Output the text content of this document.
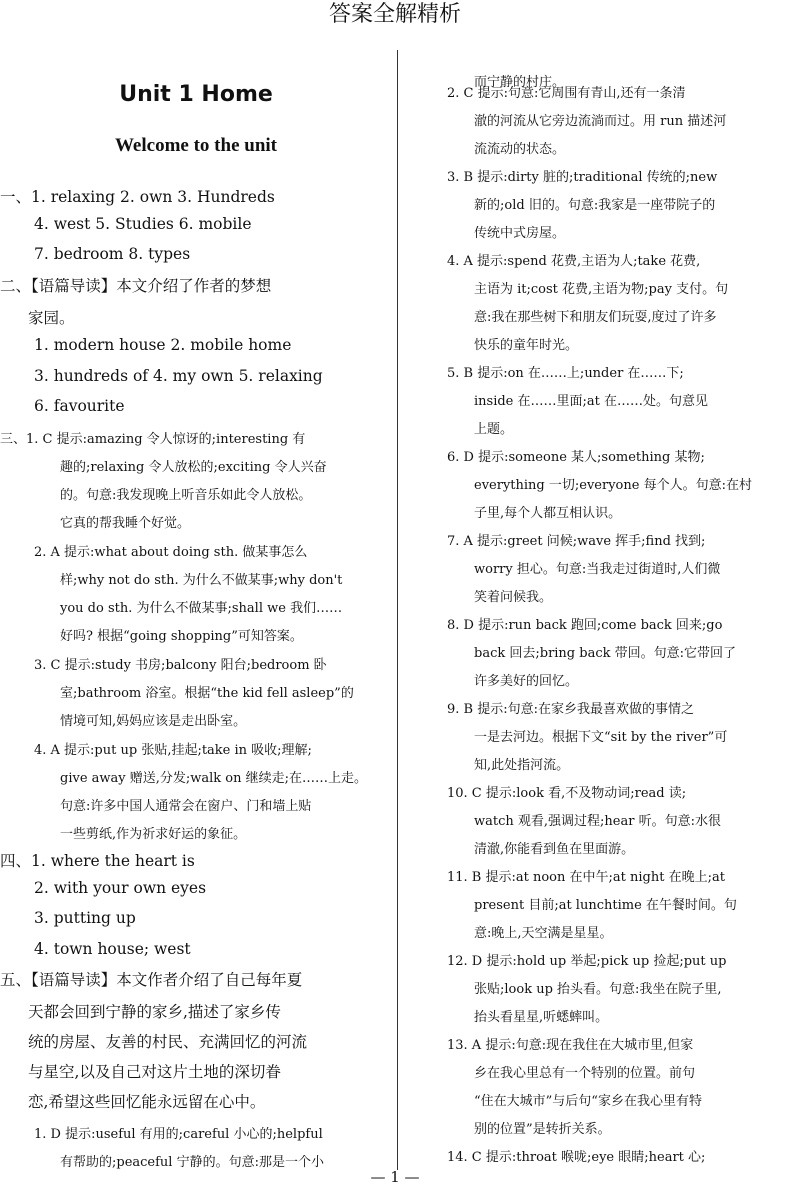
答案全解精析
Unit 1 Home
Welcome to the unit
一、1. relaxing 2. own 3. Hundreds
4. west 5. Studies 6. mobile
7. bedroom 8. types
二、【语篇导读】本文介绍了作者的梦想
家园。
1. modern house 2. mobile home
3. hundreds of 4. my own 5. relaxing
6. favourite
三、1. C 提示:amazing 令人惊讶的;interesting 有
趣的;relaxing 令人放松的;exciting 令人兴奋
的。句意:我发现晚上听音乐如此令人放松。
它真的帮我睡个好觉。
2. A 提示:what about doing sth. 做某事怎么
样;why not do sth. 为什么不做某事;why don't
you do sth. 为什么不做某事;shall we 我们……
好吗? 根据“going shopping”可知答案。
3. C 提示:study 书房;balcony 阳台;bedroom 卧
室;bathroom 浴室。根据“the kid fell asleep”的
情境可知,妈妈应该是走出卧室。
4. A 提示:put up 张贴,挂起;take in 吸收;理解;
give away 赠送,分发;walk on 继续走;在……上走。
句意:许多中国人通常会在窗户、门和墙上贴
一些剪纸,作为祈求好运的象征。
四、1. where the heart is
2. with your own eyes
3. putting up
4. town house; west
五、【语篇导读】本文作者介绍了自己每年夏
天都会回到宁静的家乡,描述了家乡传
统的房屋、友善的村民、充满回忆的河流
与星空,以及自己对这片土地的深切眷
恋,希望这些回忆能永远留在心中。
1. D 提示:useful 有用的;careful 小心的;helpful
有帮助的;peaceful 宁静的。句意:那是一个小
而宁静的村庄。
2. C 提示:句意:它周围有青山,还有一条清
澈的河流从它旁边流淌而过。用 run 描述河
流流动的状态。
3. B 提示:dirty 脏的;traditional 传统的;new
新的;old 旧的。句意:我家是一座带院子的
传统中式房屋。
4. A 提示:spend 花费,主语为人;take 花费,
主语为 it;cost 花费,主语为物;pay 支付。句
意:我在那些树下和朋友们玩耍,度过了许多
快乐的童年时光。
5. B 提示:on 在……上;under 在……下;
inside 在……里面;at 在……处。句意见
上题。
6. D 提示:someone 某人;something 某物;
everything 一切;everyone 每个人。句意:在村
子里,每个人都互相认识。
7. A 提示:greet 问候;wave 挥手;find 找到;
worry 担心。句意:当我走过街道时,人们微
笑着问候我。
8. D 提示:run back 跑回;come back 回来;go
back 回去;bring back 带回。句意:它带回了
许多美好的回忆。
9. B 提示:句意:在家乡我最喜欢做的事情之
一是去河边。根据下文“sit by the river”可
知,此处指河流。
10. C 提示:look 看,不及物动词;read 读;
watch 观看,强调过程;hear 听。句意:水很
清澈,你能看到鱼在里面游。
11. B 提示:at noon 在中午;at night 在晚上;at
present 目前;at lunchtime 在午餐时间。句
意:晚上,天空满是星星。
12. D 提示:hold up 举起;pick up 捡起;put up
张贴;look up 抬头看。句意:我坐在院子里,
抬头看星星,听蟋蟀叫。
13. A 提示:句意:现在我住在大城市里,但家
乡在我心里总有一个特别的位置。前句
“住在大城市”与后句“家乡在我心里有特
别的位置”是转折关系。
14. C 提示:throat 喉咙;eye 眼睛;heart 心;
— 1 —
